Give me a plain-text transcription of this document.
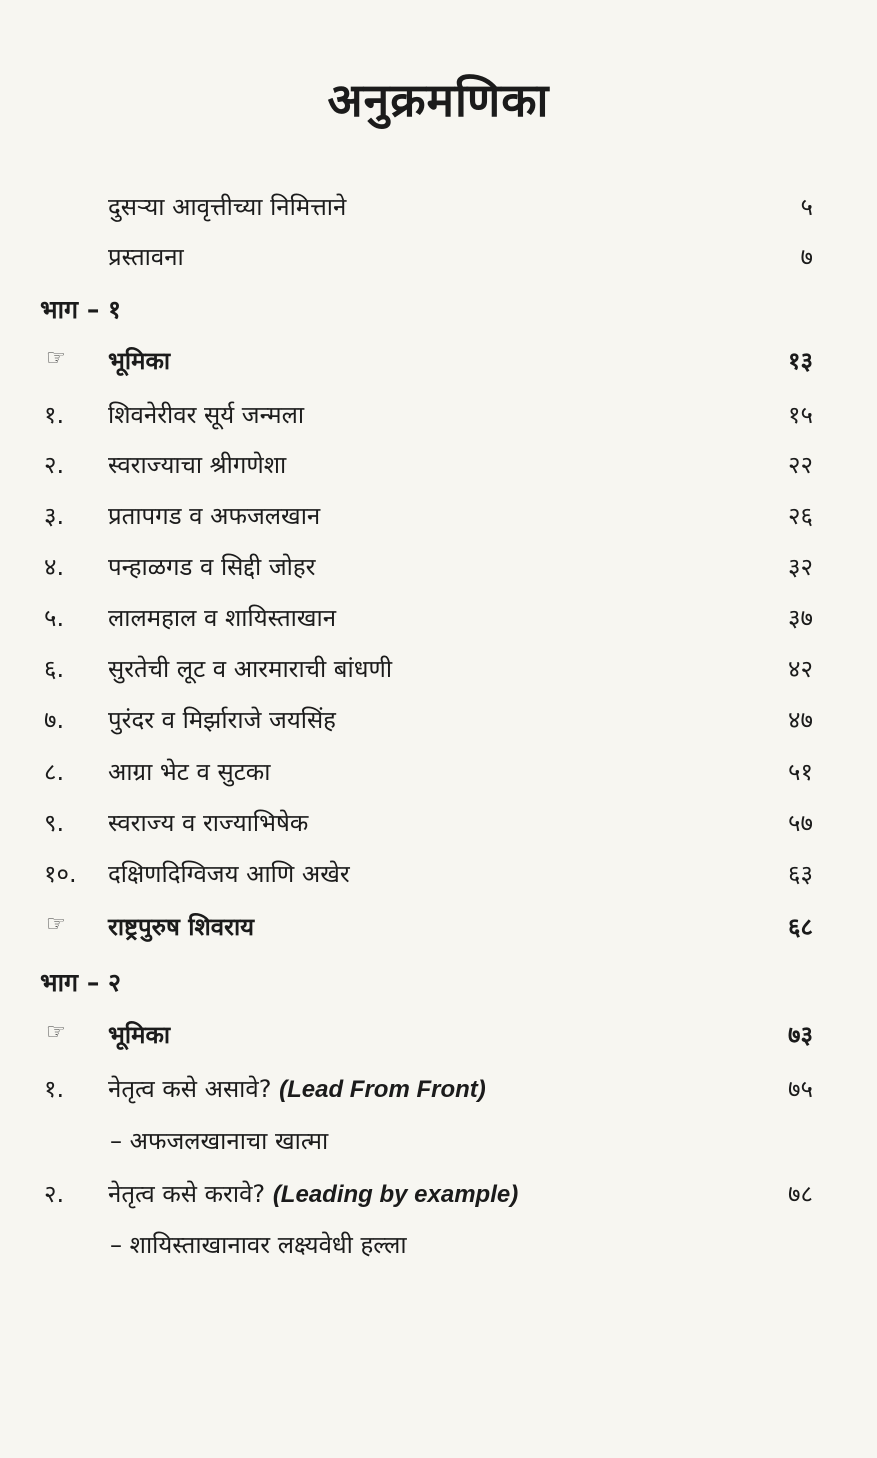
अनुक्रमणिका
दुसऱ्या आवृत्तीच्या निमित्ताने	५
प्रस्तावना	७
भाग – १
☞ भूमिका	१३
१. शिवनेरीवर सूर्य जन्मला	१५
२. स्वराज्याचा श्रीगणेशा	२२
३. प्रतापगड व अफजलखान	२६
४. पन्हाळगड व सिद्दी जोहर	३२
५. लालमहाल व शायिस्ताखान	३७
६. सुरतेची लूट व आरमाराची बांधणी	४२
७. पुरंदर व मिर्झाराजे जयसिंह	४७
८. आग्रा भेट व सुटका	५१
९. स्वराज्य व राज्याभिषेक	५७
१०. दक्षिणदिग्विजय आणि अखेर	६३
☞ राष्ट्रपुरुष शिवराय	६८
भाग – २
☞ भूमिका	७३
१. नेतृत्व कसे असावे? (Lead From Front)	७५
– अफजलखानाचा खात्मा
२. नेतृत्व कसे करावे? (Leading by example)	७८
– शायिस्ताखानावर लक्ष्यवेधी हल्ला
